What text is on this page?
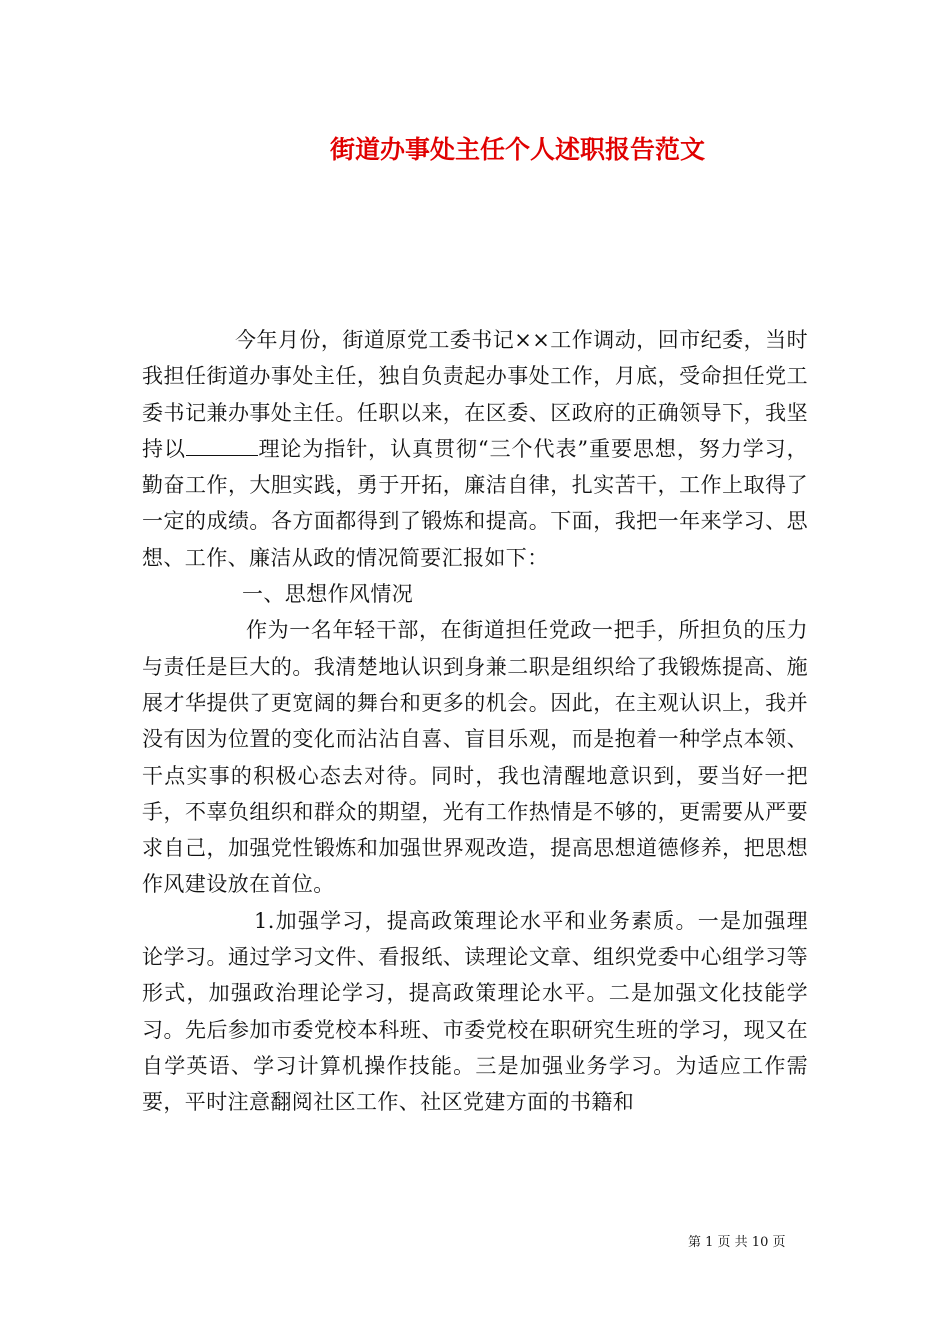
街道办事处主任个人述职报告范文

今年月份，街道原党工委书记××工作调动，回市纪委，当时我担任街道办事处主任，独自负责起办事处工作，月底，受命担任党工委书记兼办事处主任。任职以来，在区委、区政府的正确领导下，我坚持以	理论为指针，认真贯彻“三个代表”重要思想，努力学习，勤奋工作，大胆实践，勇于开拓，廉洁自律，扎实苦干，工作上取得了一定的成绩。各方面都得到了锻炼和提高。下面，我把一年来学习、思想、工作、廉洁从政的情况简要汇报如下：

一、思想作风情况

作为一名年轻干部，在街道担任党政一把手，所担负的压力与责任是巨大的。我清楚地认识到身兼二职是组织给了我锻炼提高、施展才华提供了更宽阔的舞台和更多的机会。因此，在主观认识上，我并没有因为位置的变化而沾沾自喜、盲目乐观，而是抱着一种学点本领、干点实事的积极心态去对待。同时，我也清醒地意识到，要当好一把手，不辜负组织和群众的期望，光有工作热情是不够的，更需要从严要求自己，加强党性锻炼和加强世界观改造，提高思想道德修养，把思想作风建设放在首位。

1.加强学习，提高政策理论水平和业务素质。一是加强理论学习。通过学习文件、看报纸、读理论文章、组织党委中心组学习等形式，加强政治理论学习，提高政策理论水平。二是加强文化技能学习。先后参加市委党校本科班、市委党校在职研究生班的学习，现又在自学英语、学习计算机操作技能。三是加强业务学习。为适应工作需要，平时注意翻阅社区工作、社区党建方面的书籍和

第 1 页 共 10 页
